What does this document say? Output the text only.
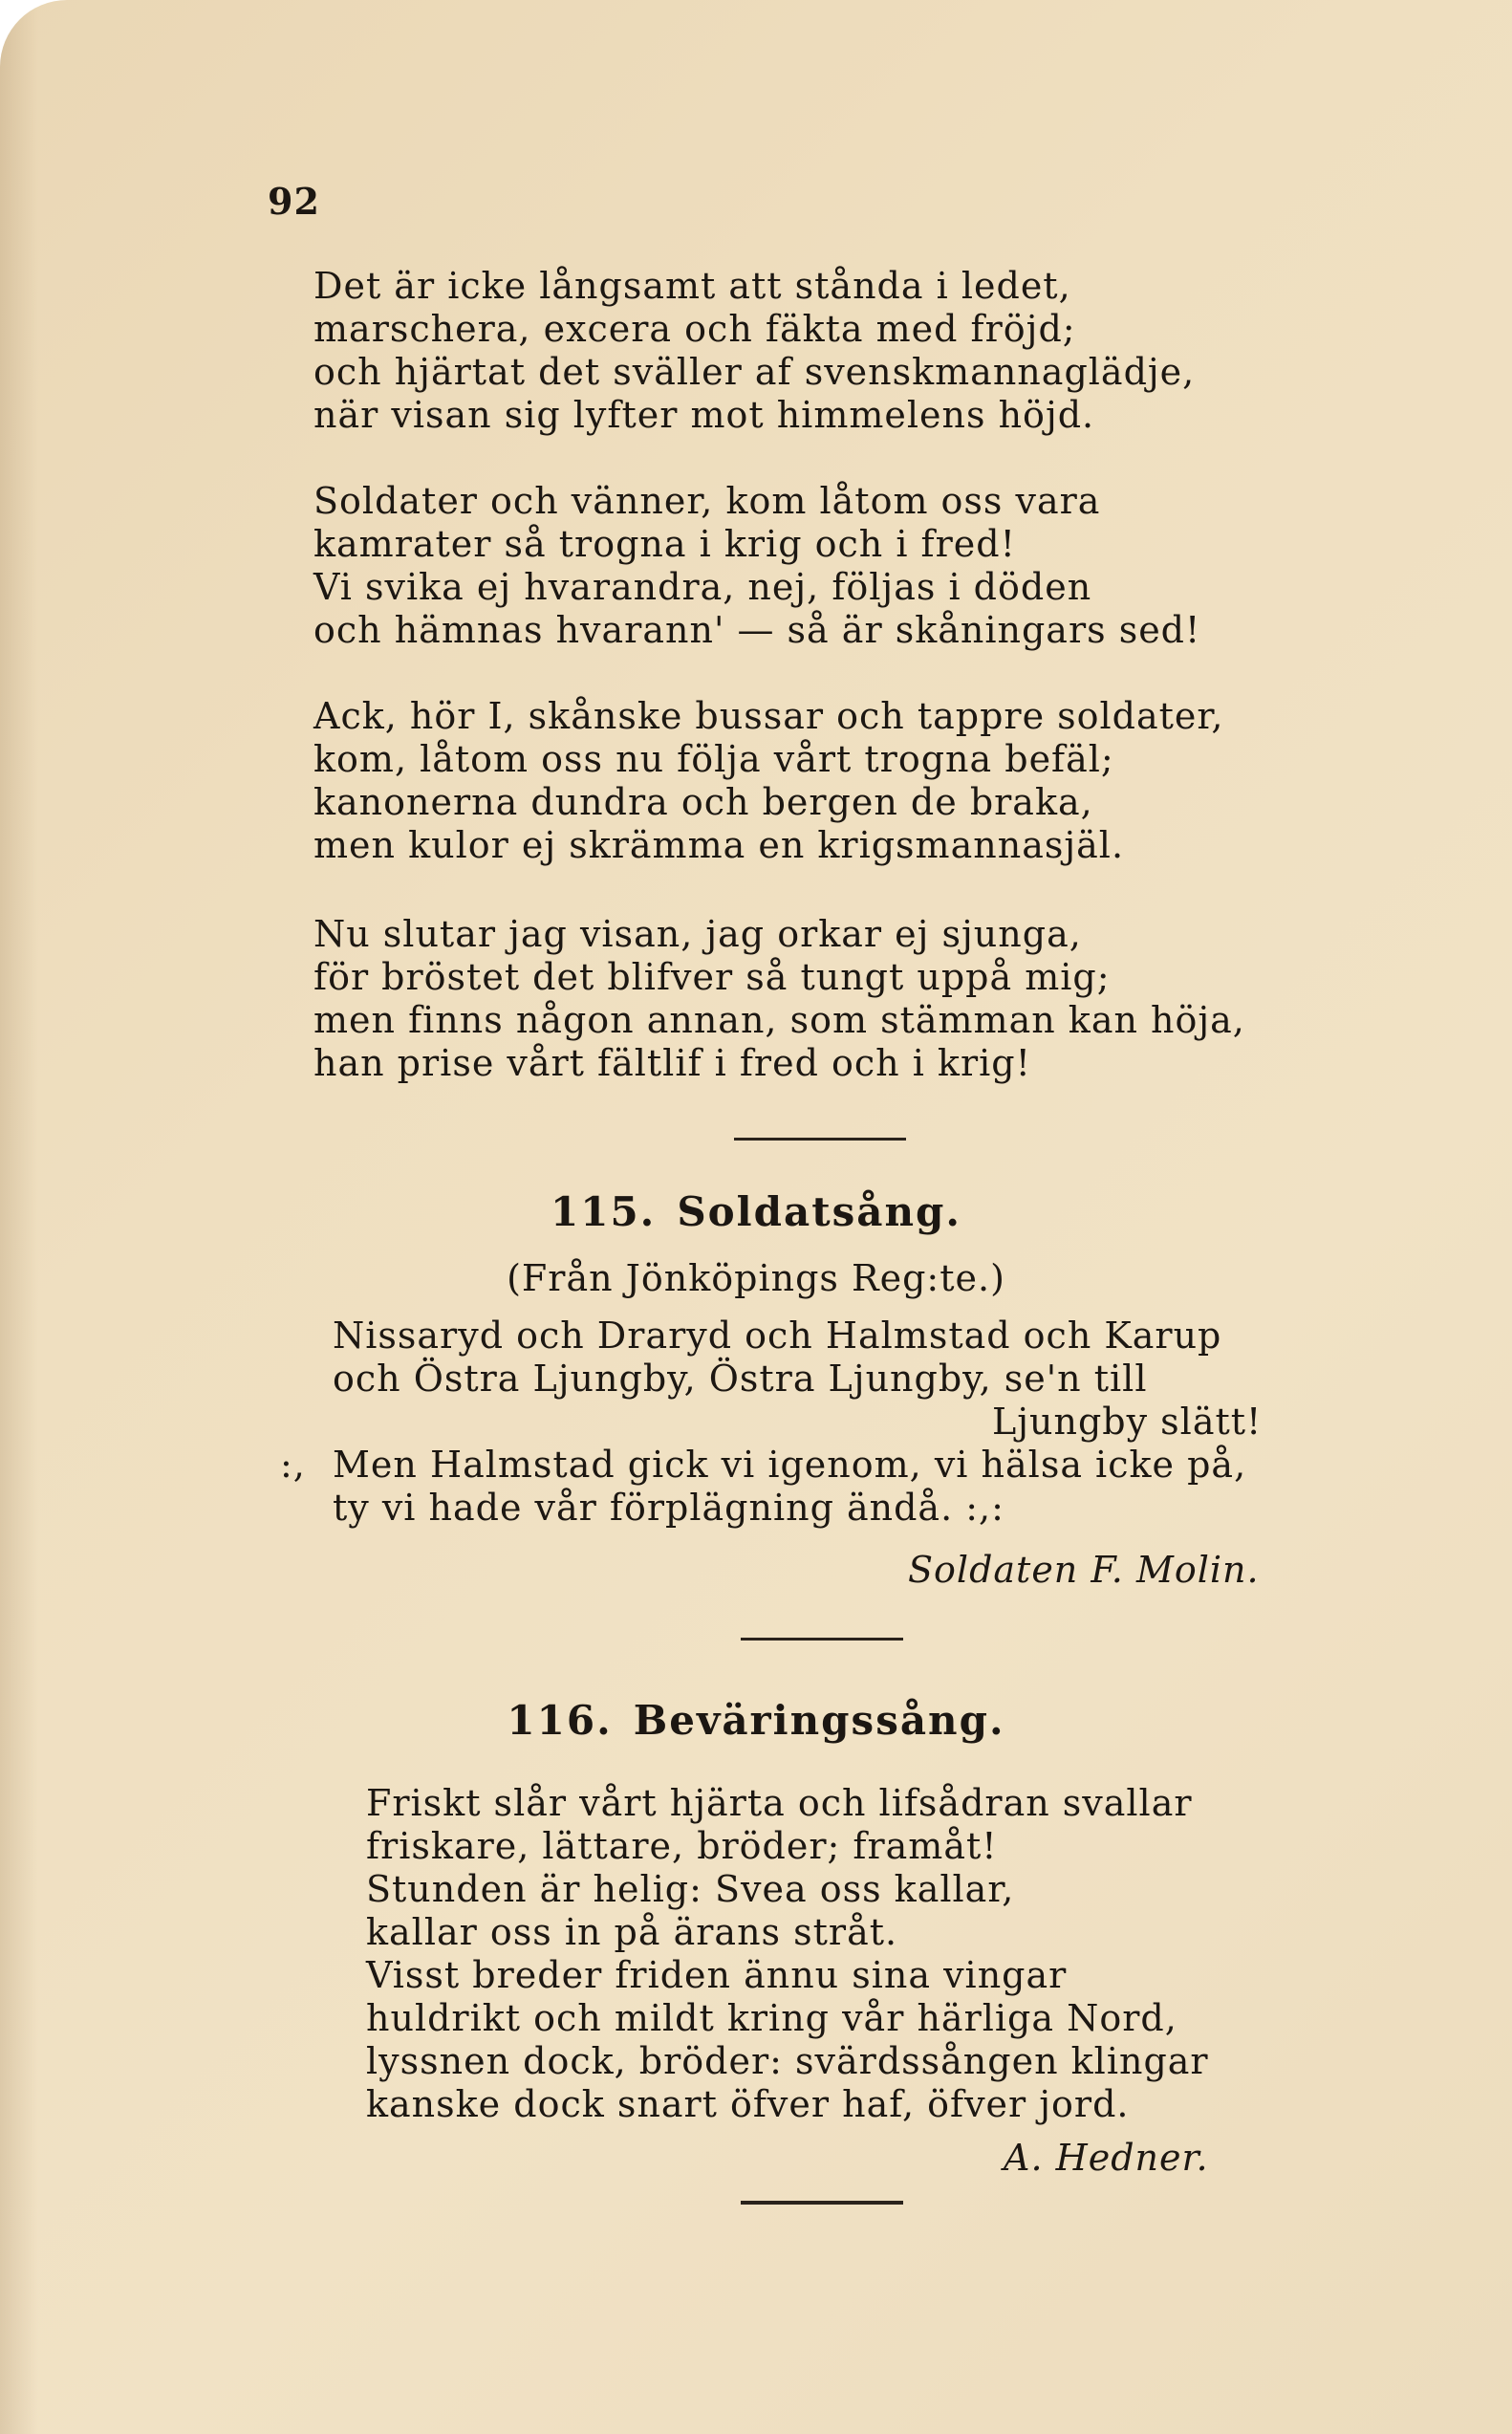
92
Det är icke långsamt att stånda i ledet,
marschera, excera och fäkta med fröjd;
och hjärtat det sväller af svenskmannaglädje,
när visan sig lyfter mot himmelens höjd.
Soldater och vänner, kom låtom oss vara
kamrater så trogna i krig och i fred!
Vi svika ej hvarandra, nej, följas i döden
och hämnas hvarann' — så är skåningars sed!
Ack, hör I, skånske bussar och tappre soldater,
kom, låtom oss nu följa vårt trogna befäl;
kanonerna dundra och bergen de braka,
men kulor ej skrämma en krigsmannasjäl.
Nu slutar jag visan, jag orkar ej sjunga,
för bröstet det blifver så tungt uppå mig;
men finns någon annan, som stämman kan höja,
han prise vårt fältlif i fred och i krig!
115. Soldatsång.
(Från Jönköpings Reg:te.)
Nissaryd och Draryd och Halmstad och Karup
och Östra Ljungby, Östra Ljungby, se'n till
Ljungby slätt!
:, Men Halmstad gick vi igenom, vi hälsa icke på,
ty vi hade vår förplägning ändå. :,:
Soldaten F. Molin.
116. Beväringssång.
Friskt slår vårt hjärta och lifsådran svallar
friskare, lättare, bröder; framåt!
Stunden är helig: Svea oss kallar,
kallar oss in på ärans stråt.
Visst breder friden ännu sina vingar
huldrikt och mildt kring vår härliga Nord,
lyssnen dock, bröder: svärdssången klingar
kanske dock snart öfver haf, öfver jord.
A. Hedner.
